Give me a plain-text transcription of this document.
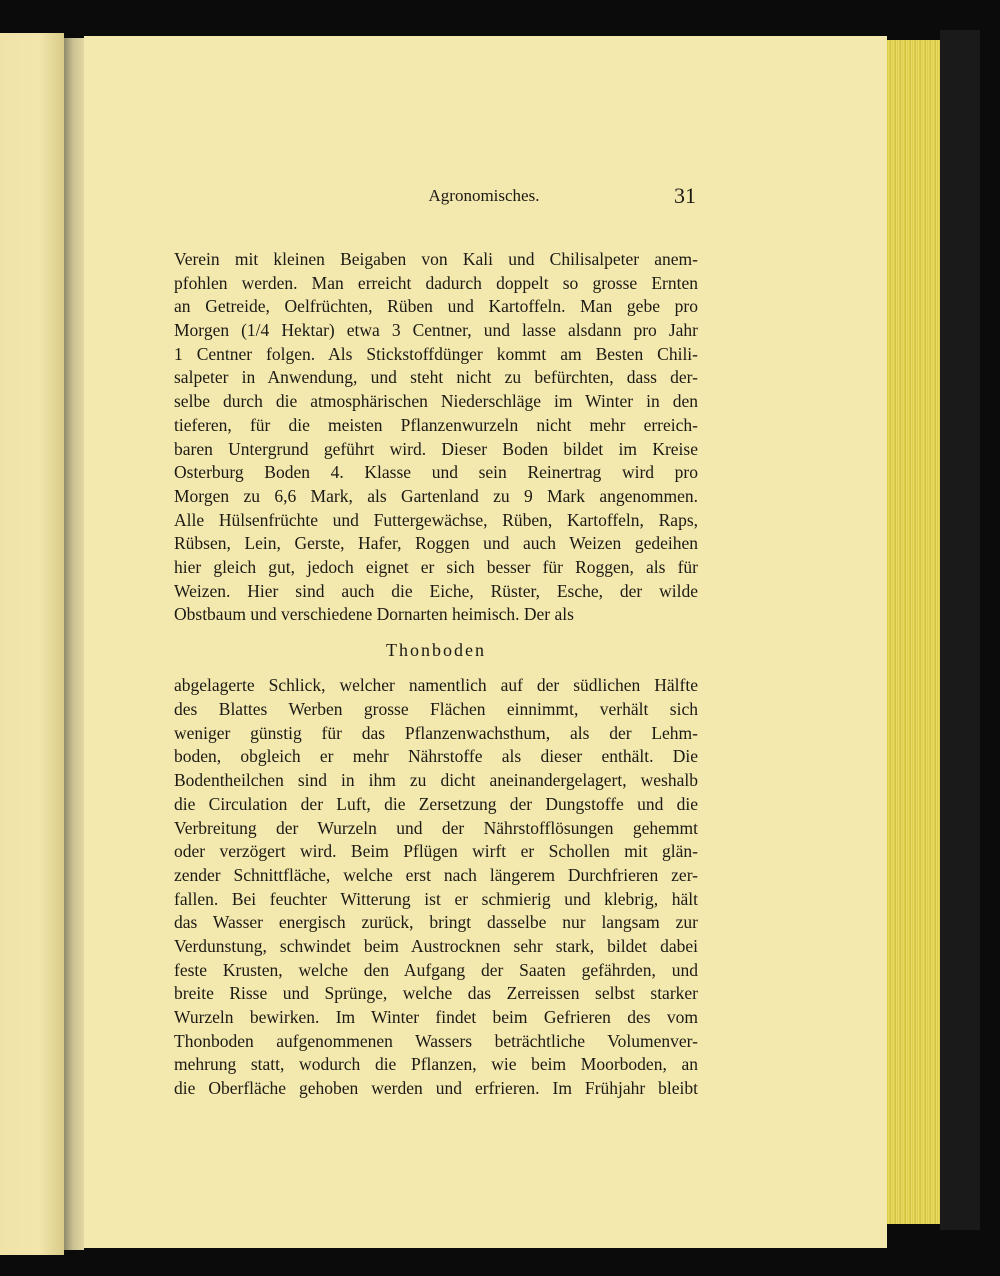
Agronomisches.	31
Verein mit kleinen Beigaben von Kali und Chilisalpeter anem-
pfohlen werden. Man erreicht dadurch doppelt so grosse Ernten
an Getreide, Oelfrüchten, Rüben und Kartoffeln. Man gebe pro
Morgen (1/4 Hektar) etwa 3 Centner, und lasse alsdann pro Jahr
1 Centner folgen. Als Stickstoffdünger kommt am Besten Chili-
salpeter in Anwendung, und steht nicht zu befürchten, dass der-
selbe durch die atmosphärischen Niederschläge im Winter in den
tieferen, für die meisten Pflanzenwurzeln nicht mehr erreich-
baren Untergrund geführt wird. Dieser Boden bildet im Kreise
Osterburg Boden 4. Klasse und sein Reinertrag wird pro
Morgen zu 6,6 Mark, als Gartenland zu 9 Mark angenommen.
Alle Hülsenfrüchte und Futtergewächse, Rüben, Kartoffeln, Raps,
Rübsen, Lein, Gerste, Hafer, Roggen und auch Weizen gedeihen
hier gleich gut, jedoch eignet er sich besser für Roggen, als für
Weizen. Hier sind auch die Eiche, Rüster, Esche, der wilde
Obstbaum und verschiedene Dornarten heimisch. Der als
Thonboden
abgelagerte Schlick, welcher namentlich auf der südlichen Hälfte
des Blattes Werben grosse Flächen einnimmt, verhält sich
weniger günstig für das Pflanzenwachsthum, als der Lehm-
boden, obgleich er mehr Nährstoffe als dieser enthält. Die
Bodentheilchen sind in ihm zu dicht aneinandergelagert, weshalb
die Circulation der Luft, die Zersetzung der Dungstoffe und die
Verbreitung der Wurzeln und der Nährstofflösungen gehemmt
oder verzögert wird. Beim Pflügen wirft er Schollen mit glän-
zender Schnittfläche, welche erst nach längerem Durchfrieren zer-
fallen. Bei feuchter Witterung ist er schmierig und klebrig, hält
das Wasser energisch zurück, bringt dasselbe nur langsam zur
Verdunstung, schwindet beim Austrocknen sehr stark, bildet dabei
feste Krusten, welche den Aufgang der Saaten gefährden, und
breite Risse und Sprünge, welche das Zerreissen selbst starker
Wurzeln bewirken. Im Winter findet beim Gefrieren des vom
Thonboden aufgenommenen Wassers beträchtliche Volumenver-
mehrung statt, wodurch die Pflanzen, wie beim Moorboden, an
die Oberfläche gehoben werden und erfrieren. Im Frühjahr bleibt
